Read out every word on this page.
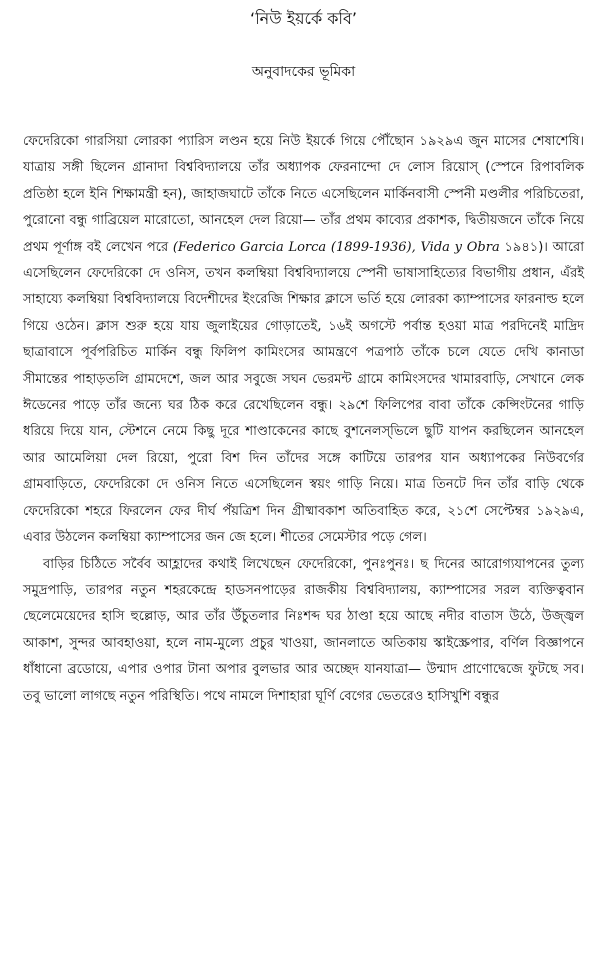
‘নিউ ইয়র্কে কবি’
অনুবাদকের ভূমিকা

ফেদেরিকো গারসিয়া লোরকা প্যারিস লণ্ডন হয়ে নিউ ইয়র্কে গিয়ে পৌঁছোন ১৯২৯এ জুন মাসের শেষাশেষি। যাত্রায় সঙ্গী ছিলেন গ্রানাদা বিশ্ববিদ্যালয়ে তাঁর অধ্যাপক ফেরনান্দো দে লোস রিয়োস্ (স্পেনে রিপাবলিক প্রতিষ্ঠা হলে ইনি শিক্ষামন্ত্রী হন), জাহাজঘাটে তাঁকে নিতে এসেছিলেন মার্কিনবাসী স্পেনী মণ্ডলীর পরিচিতেরা, পুরোনো বন্ধু গাব্রিয়েল মারোতো, আনহেল দেল রিয়ো— তাঁর প্রথম কাব্যের প্রকাশক, দ্বিতীয়জনে তাঁকে নিয়ে প্রথম পূর্ণাঙ্গ বই লেখেন পরে (Federico Garcia Lorca (1899-1936), Vida y Obra ১৯৪১)। আরো এসেছিলেন ফেদেরিকো দে ওনিস, তখন কলম্বিয়া বিশ্ববিদ্যালয়ে স্পেনী ভাষাসাহিত্যের বিভাগীয় প্রধান, এঁরই সাহায্যে কলম্বিয়া বিশ্ববিদ্যালয়ে বিদেশীদের ইংরেজি শিক্ষার ক্লাসে ভর্তি হয়ে লোরকা ক্যাম্পাসের ফারনাল্ড হলে গিয়ে ওঠেন। ক্লাস শুরু হয়ে যায় জুলাইয়ের গোড়াতেই, ১৬ই অগস্টে পর্বান্ত হওয়া মাত্র পরদিনেই মাদ্রিদ ছাত্রাবাসে পূর্বপরিচিত মার্কিন বন্ধু ফিলিপ কামিংসের আমন্ত্রণে পত্রপাঠ তাঁকে চলে যেতে দেখি কানাডা সীমান্তের পাহাড়তলি গ্রামদেশে, জল আর সবুজে সঘন ভেরমন্ট গ্রামে কামিংসদের খামারবাড়ি, সেখানে লেক ঈডেনের পাড়ে তাঁর জন্যে ঘর ঠিক করে রেখেছিলেন বন্ধু। ২৯শে ফিলিপের বাবা তাঁকে কেন্সিংটনের গাড়ি ধরিয়ে দিয়ে যান, স্টেশনে নেমে কিছু দূরে শাণ্ডাকেনের কাছে বুশনেলস্‌ভিলে ছুটি যাপন করছিলেন আনহেল আর আমেলিয়া দেল রিয়ো, পুরো বিশ দিন তাঁদের সঙ্গে কাটিয়ে তারপর যান অধ্যাপকের নিউবর্গের গ্রামবাড়িতে, ফেদেরিকো দে ওনিস নিতে এসেছিলেন স্বয়ং গাড়ি নিয়ে। মাত্র তিনটে দিন তাঁর বাড়ি থেকে ফেদেরিকো শহরে ফিরলেন ফের দীর্ঘ পঁয়ত্রিশ দিন গ্রীষ্মাবকাশ অতিবাহিত করে, ২১শে সেপ্টেম্বর ১৯২৯এ, এবার উঠলেন কলম্বিয়া ক্যাম্পাসের জন জে হলে। শীতের সেমেস্টার পড়ে গেল।

বাড়ির চিঠিতে সর্বৈব আহ্লাদের কথাই লিখেছেন ফেদেরিকো, পুনঃপুনঃ। ছ দিনের আরোগ্যযাপনের তুল্য সমুদ্রপাড়ি, তারপর নতুন শহরকেন্দ্রে হাডসনপাড়ের রাজকীয় বিশ্ববিদ্যালয়, ক্যাম্পাসের সরল ব্যক্তিত্ববান ছেলেমেয়েদের হাসি হুল্লোড়, আর তাঁর উঁচুতলার নিঃশব্দ ঘর ঠাণ্ডা হয়ে আছে নদীর বাতাস উঠে, উজ্জ্বল আকাশ, সুন্দর আবহাওয়া, হলে নাম-মুল্যে প্রচুর খাওয়া, জানলাতে অতিকায় স্কাইস্ক্রেপার, বর্ণিল বিজ্ঞাপনে ধাঁধানো ব্রডোয়ে, এপার ওপার টানা অপার বুলভার আর অচ্ছেদ যানযাত্রা— উন্মাদ প্রাণোদ্বেজে ফুটছে সব। তবু ভালো লাগছে নতুন পরিস্থিতি। পথে নামলে দিশাহারা ঘূর্ণি বেগের ভেতরেও হাসিখুশি বন্ধুর
